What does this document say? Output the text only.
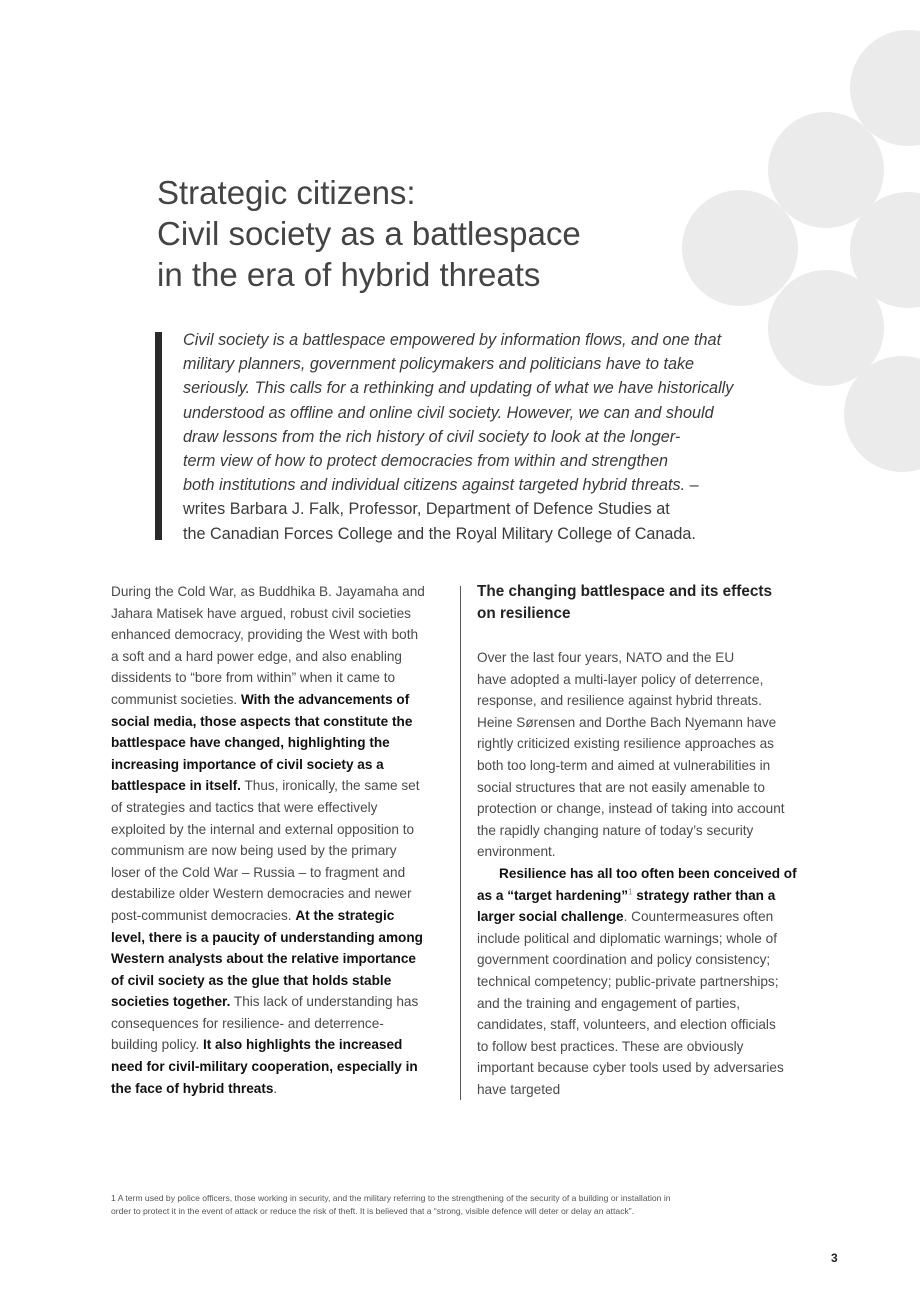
Strategic citizens:
Civil society as a battlespace
in the era of hybrid threats
Civil society is a battlespace empowered by information flows, and one that
military planners, government policymakers and politicians have to take
seriously. This calls for a rethinking and updating of what we have historically
understood as offline and online civil society. However, we can and should
draw lessons from the rich history of civil society to look at the longer-
term view of how to protect democracies from within and strengthen
both institutions and individual citizens against targeted hybrid threats. –
writes Barbara J. Falk, Professor, Department of Defence Studies at
the Canadian Forces College and the Royal Military College of Canada.
During the Cold War, as Buddhika B. Jayamaha and
Jahara Matisek have argued, robust civil societies
enhanced democracy, providing the West with both
a soft and a hard power edge, and also enabling
dissidents to “bore from within” when it came to
communist societies. With the advancements of
social media, those aspects that constitute the
battlespace have changed, highlighting the
increasing importance of civil society as a
battlespace in itself. Thus, ironically, the same set
of strategies and tactics that were effectively
exploited by the internal and external opposition to
communism are now being used by the primary
loser of the Cold War – Russia – to fragment and
destabilize older Western democracies and newer
post-communist democracies. At the strategic
level, there is a paucity of understanding among
Western analysts about the relative importance
of civil society as the glue that holds stable
societies together. This lack of understanding has
consequences for resilience- and deterrence-
building policy. It also highlights the increased
need for civil-military cooperation, especially in
the face of hybrid threats.
The changing battlespace and its effects
on resilience
Over the last four years, NATO and the EU
have adopted a multi-layer policy of deterrence,
response, and resilience against hybrid threats.
Heine Sørensen and Dorthe Bach Nyemann have
rightly criticized existing resilience approaches as
both too long-term and aimed at vulnerabilities in
social structures that are not easily amenable to
protection or change, instead of taking into account
the rapidly changing nature of today’s security
environment.
Resilience has all too often been conceived of
as a “target hardening”$^1$ strategy rather than a
larger social challenge. Countermeasures often
include political and diplomatic warnings; whole of
government coordination and policy consistency;
technical competency; public-private partnerships;
and the training and engagement of parties,
candidates, staff, volunteers, and election officials
to follow best practices. These are obviously
important because cyber tools used by adversaries
have targeted
1 A term used by police officers, those working in security, and the military referring to the strengthening of the security of a building or installation in
order to protect it in the event of attack or reduce the risk of theft. It is believed that a “strong, visible defence will deter or delay an attack”.
3
